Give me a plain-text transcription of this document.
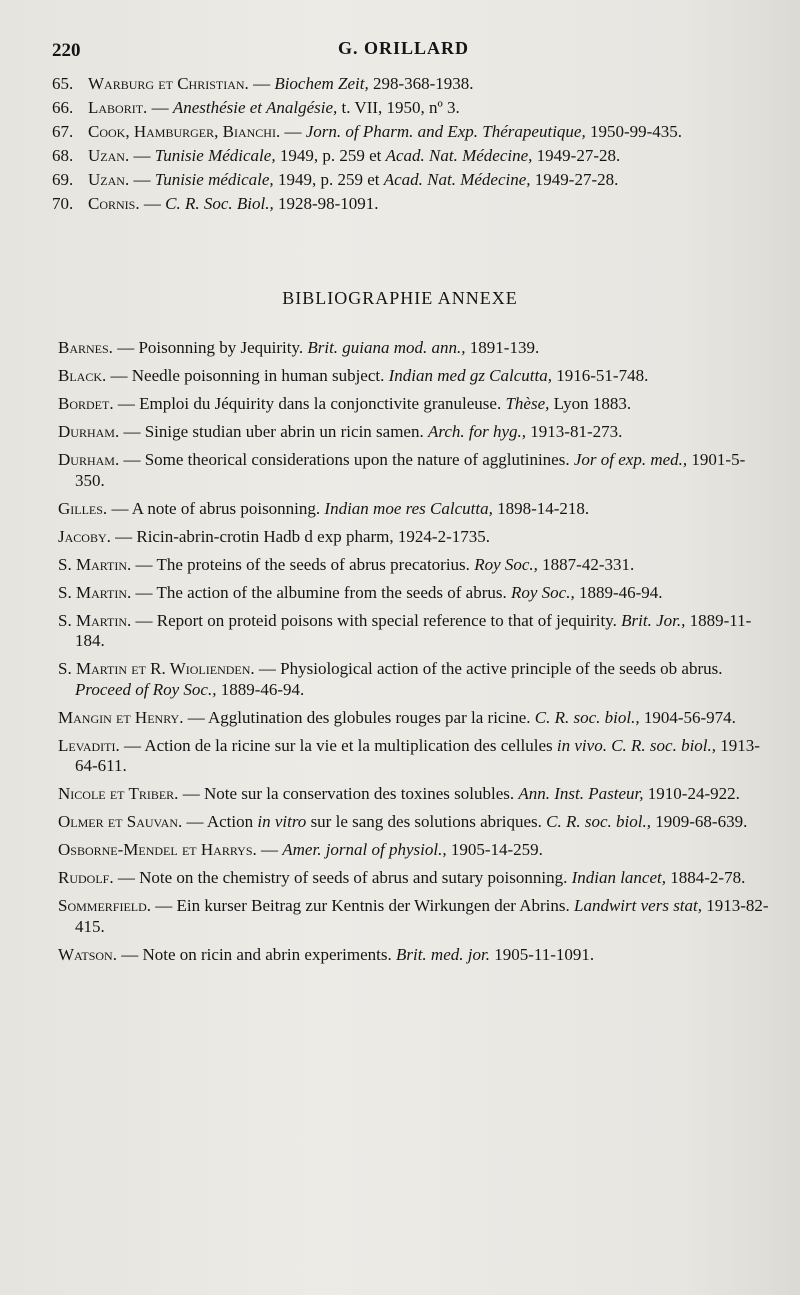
220	G. ORILLARD
65. Warburg et Christian. — Biochem Zeit, 298-368-1938.
66. Laborit. — Anesthésie et Analgésie, t. VII, 1950, nº 3.
67. Cook, Hamburger, Bianchi. — Jorn. of Pharm. and Exp. Thérapeutique, 1950-99-435.
68. Uzan. — Tunisie Médicale, 1949, p. 259 et Acad. Nat. Médecine, 1949-27-28.
69. Uzan. — Tunisie médicale, 1949, p. 259 et Acad. Nat. Médecine, 1949-27-28.
70. Cornis. — C. R. Soc. Biol., 1928-98-1091.
BIBLIOGRAPHIE ANNEXE
Barnes. — Poisonning by Jequirity. Brit. guiana mod. ann., 1891-139.
Black. — Needle poisonning in human subject. Indian med gz Calcutta, 1916-51-748.
Bordet. — Emploi du Jéquirity dans la conjonctivite granuleuse. Thèse, Lyon 1883.
Durham. — Sinige studian uber abrin un ricin samen. Arch. for hyg., 1913-81-273.
Durham. — Some theorical considerations upon the nature of agglutinines. Jor of exp. med., 1901-5-350.
Gilles. — A note of abrus poisonning. Indian moe res Calcutta, 1898-14-218.
Jacoby. — Ricin-abrin-crotin Hadb d exp pharm, 1924-2-1735.
S. Martin. — The proteins of the seeds of abrus precatorius. Roy Soc., 1887-42-331.
S. Martin. — The action of the albumine from the seeds of abrus. Roy Soc., 1889-46-94.
S. Martin. — Report on proteid poisons with special reference to that of jequirity. Brit. Jor., 1889-11-184.
S. Martin et R. Wiolienden. — Physiological action of the active principle of the seeds ob abrus. Proceed of Roy Soc., 1889-46-94.
Mangin et Henry. — Agglutination des globules rouges par la ricine. C. R. soc. biol., 1904-56-974.
Levaditi. — Action de la ricine sur la vie et la multiplication des cellules in vivo. C. R. soc. biol., 1913-64-611.
Nicole et Triber. — Note sur la conservation des toxines solubles. Ann. Inst. Pasteur, 1910-24-922.
Olmer et Sauvan. — Action in vitro sur le sang des solutions abriques. C. R. soc. biol., 1909-68-639.
Osborne-Mendel et Harrys. — Amer. jornal of physiol., 1905-14-259.
Rudolf. — Note on the chemistry of seeds of abrus and sutary poisonning. Indian lancet, 1884-2-78.
Sommerfield. — Ein kurser Beitrag zur Kentnis der Wirkungen der Abrins. Landwirt vers stat, 1913-82-415.
Watson. — Note on ricin and abrin experiments. Brit. med. jor. 1905-11-1091.
